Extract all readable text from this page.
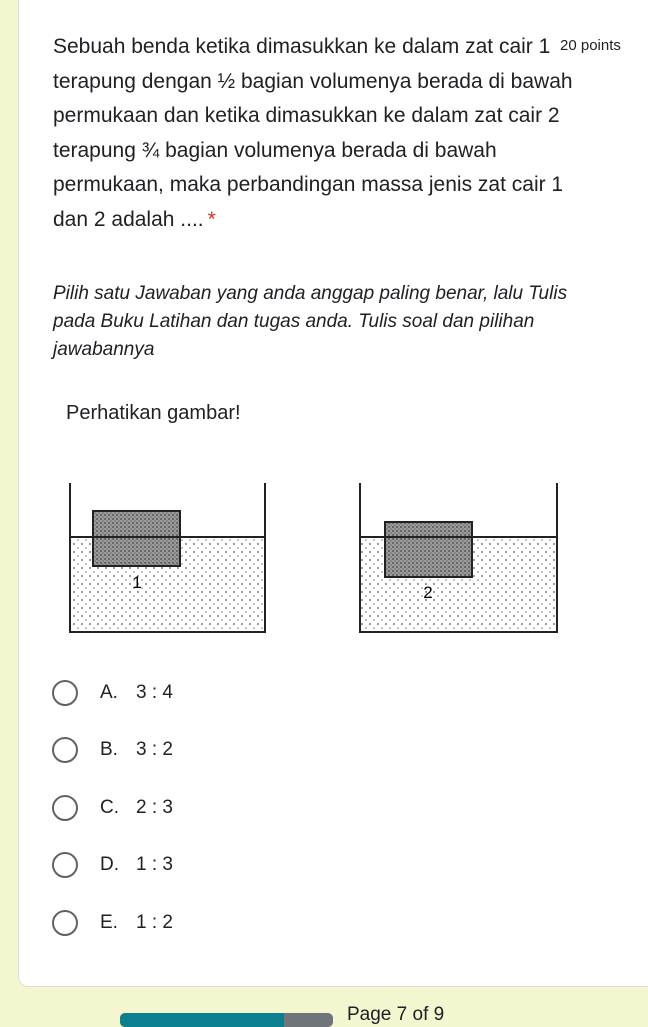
Sebuah benda ketika dimasukkan ke dalam zat cair 1 terapung dengan ½ bagian volumenya berada di bawah permukaan dan ketika dimasukkan ke dalam zat cair 2 terapung ¾ bagian volumenya berada di bawah permukaan, maka perbandingan massa jenis zat cair 1 dan 2 adalah .... *
20 points
Pilih satu Jawaban yang anda anggap paling benar, lalu Tulis pada Buku Latihan dan tugas anda. Tulis soal dan pilihan jawabannya
Perhatikan gambar!
1
2
A. 3 : 4
B. 3 : 2
C. 2 : 3
D. 1 : 3
E. 1 : 2
Page 7 of 9
